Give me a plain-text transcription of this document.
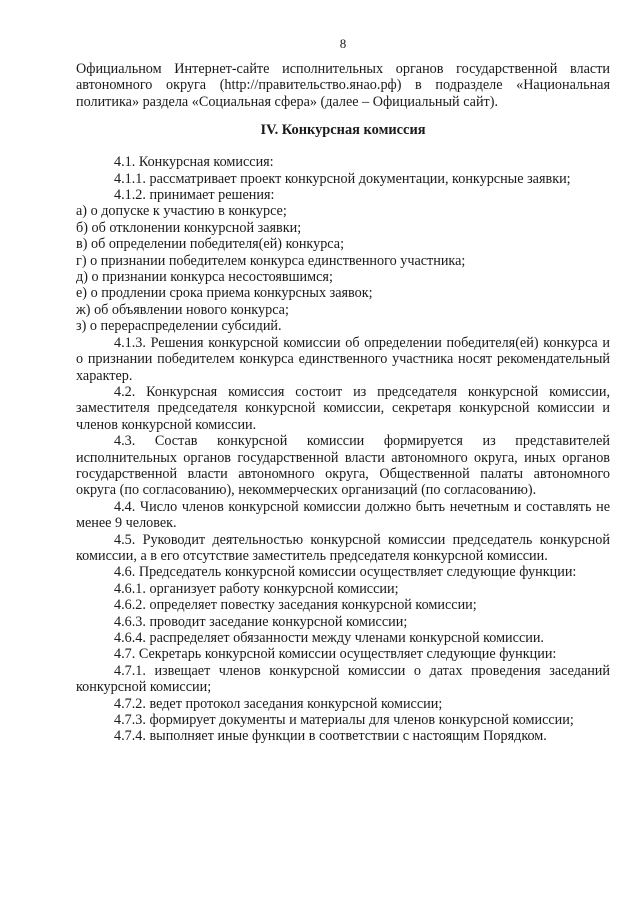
8

Официальном Интернет-сайте исполнительных органов государственной власти автономного округа (http://правительство.янао.рф) в подразделе «Национальная политика» раздела «Социальная сфера» (далее – Официальный сайт).

IV. Конкурсная комиссия

4.1. Конкурсная комиссия:

4.1.1. рассматривает проект конкурсной документации, конкурсные заявки;

4.1.2. принимает решения:

а) о допуске к участию в конкурсе;

б) об отклонении конкурсной заявки;

в) об определении победителя(ей) конкурса;

г) о признании победителем конкурса единственного участника;

д) о признании конкурса несостоявшимся;

е) о продлении срока приема конкурсных заявок;

ж) об объявлении нового конкурса;

з) о перераспределении субсидий.

4.1.3. Решения конкурсной комиссии об определении победителя(ей) конкурса и о признании победителем конкурса единственного участника носят рекомендательный характер.

4.2. Конкурсная комиссия состоит из председателя конкурсной комиссии, заместителя председателя конкурсной комиссии, секретаря конкурсной комиссии и членов конкурсной комиссии.

4.3. Состав конкурсной комиссии формируется из представителей исполнительных органов государственной власти автономного округа, иных органов государственной власти автономного округа, Общественной палаты автономного округа (по согласованию), некоммерческих организаций (по согласованию).

4.4. Число членов конкурсной комиссии должно быть нечетным и составлять не менее 9 человек.

4.5. Руководит деятельностью конкурсной комиссии председатель конкурсной комиссии, а в его отсутствие заместитель председателя конкурсной комиссии.

4.6. Председатель конкурсной комиссии осуществляет следующие функции:

4.6.1. организует работу конкурсной комиссии;

4.6.2. определяет повестку заседания конкурсной комиссии;

4.6.3. проводит заседание конкурсной комиссии;

4.6.4. распределяет обязанности между членами конкурсной комиссии.

4.7. Секретарь конкурсной комиссии осуществляет следующие функции:

4.7.1. извещает членов конкурсной комиссии о датах проведения заседаний конкурсной комиссии;

4.7.2. ведет протокол заседания конкурсной комиссии;

4.7.3. формирует документы и материалы для членов конкурсной комиссии;

4.7.4. выполняет иные функции в соответствии с настоящим Порядком.
